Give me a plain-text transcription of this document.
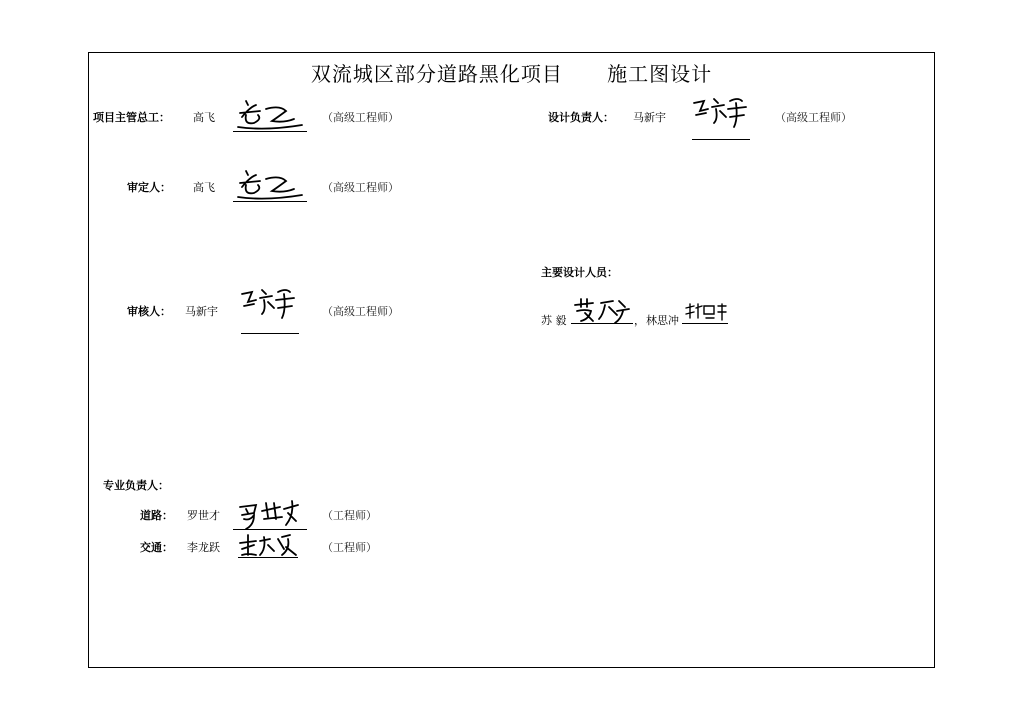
双流城区部分道路黑化项目      施工图设计
项目主管总工： 高飞	（高级工程师）
审定人： 高飞	（高级工程师）
审核人： 马新宇	（高级工程师）
专业负责人：
道路： 罗世才	（工程师）
交通： 李龙跃	（工程师）
设计负责人： 马新宇	（高级工程师）
主要设计人员：
苏 毅	， 林思冲
